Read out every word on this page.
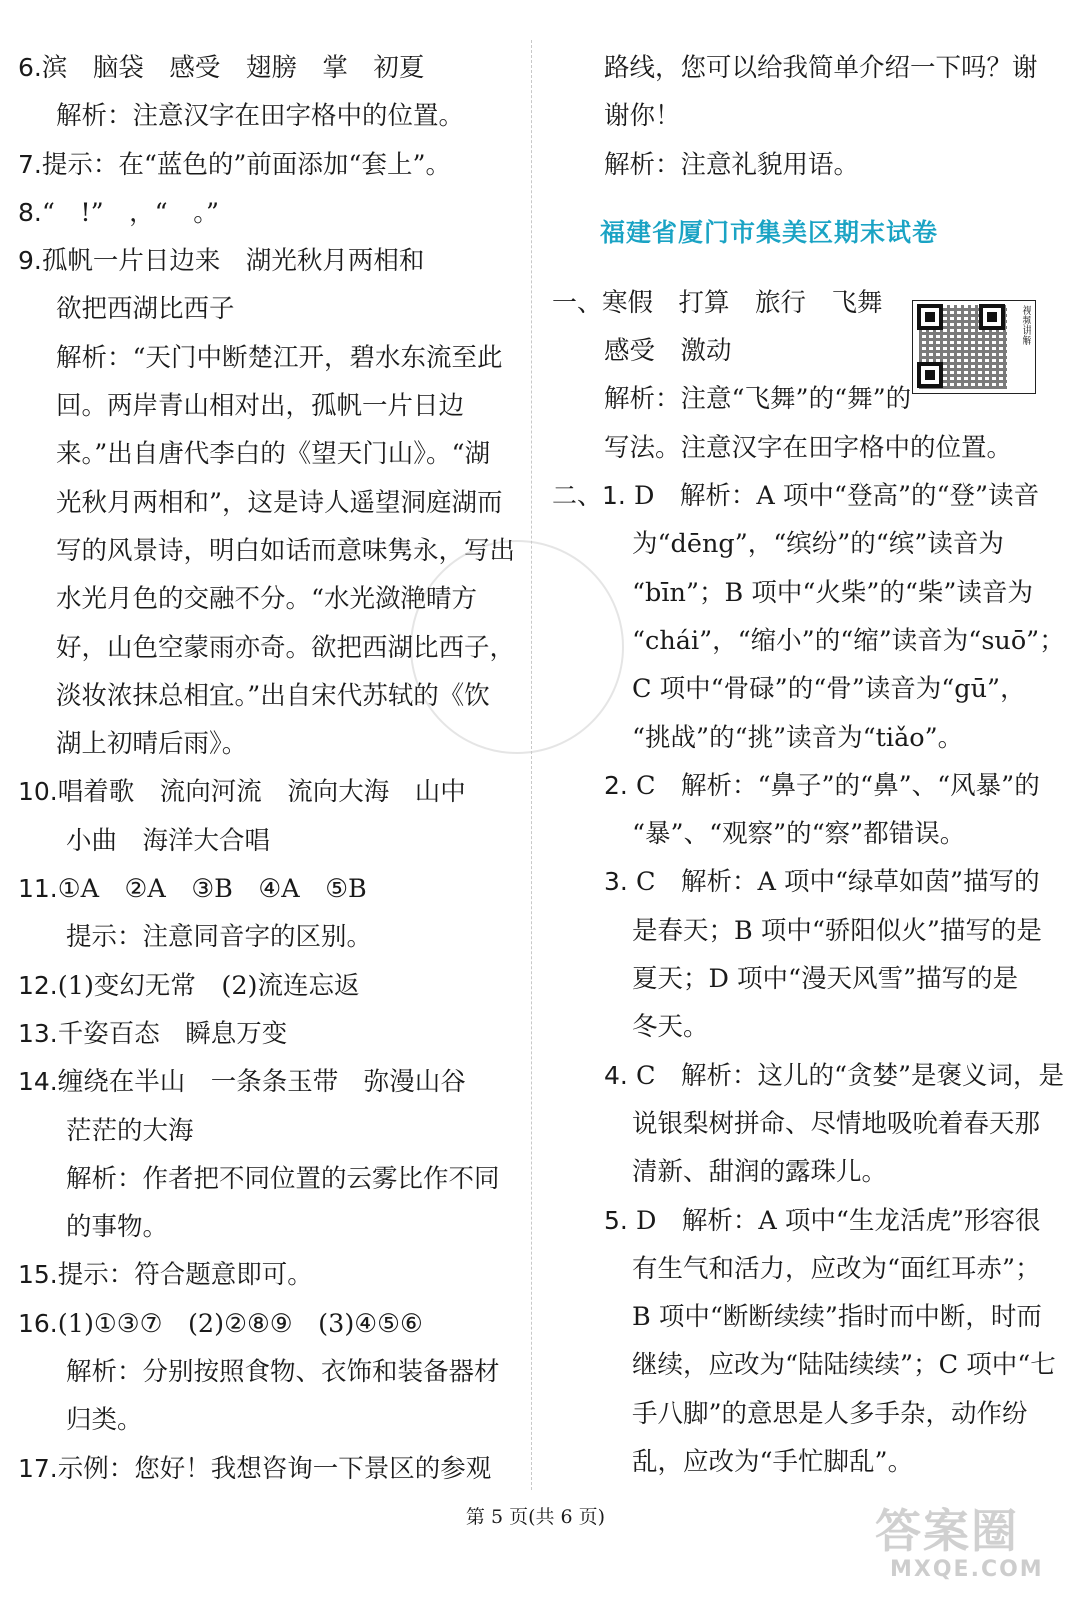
6.滨　脑袋　感受　翅膀　掌　初夏
解析：注意汉字在田字格中的位置。
7.提示：在“蓝色的”前面添加“套上”。
8.“　!”　，“　。”
9.孤帆一片日边来　湖光秋月两相和
欲把西湖比西子
解析：“天门中断楚江开，碧水东流至此
回。两岸青山相对出，孤帆一片日边
来。”出自唐代李白的《望天门山》。“湖
光秋月两相和”，这是诗人遥望洞庭湖而
写的风景诗，明白如话而意味隽永，写出
水光月色的交融不分。“水光潋滟晴方
好，山色空蒙雨亦奇。欲把西湖比西子，
淡妆浓抹总相宜。”出自宋代苏轼的《饮
湖上初晴后雨》。
10.唱着歌　流向河流　流向大海　山中
小曲　海洋大合唱
11.①A　②A　③B　④A　⑤B
提示：注意同音字的区别。
12.(1)变幻无常　(2)流连忘返
13.千姿百态　瞬息万变
14.缠绕在半山　一条条玉带　弥漫山谷
茫茫的大海
解析：作者把不同位置的云雾比作不同
的事物。
15.提示：符合题意即可。
16.(1)①③⑦　(2)②⑧⑨　(3)④⑤⑥
解析：分别按照食物、衣饰和装备器材
归类。
17.示例：您好！我想咨询一下景区的参观
路线，您可以给我简单介绍一下吗？谢
谢你！
解析：注意礼貌用语。
福建省厦门市集美区期末试卷
一、寒假　打算　旅行　飞舞
感受　激动
解析：注意“飞舞”的“舞”的
写法。注意汉字在田字格中的位置。
二、1. D　解析：A 项中“登高”的“登”读音
为“dēng”，“缤纷”的“缤”读音为
“bīn”；B 项中“火柴”的“柴”读音为
“chái”，“缩小”的“缩”读音为“suō”；
C 项中“骨碌”的“骨”读音为“gū”，
“挑战”的“挑”读音为“tiǎo”。
2. C　解析：“鼻子”的“鼻”、“风暴”的
“暴”、“观察”的“察”都错误。
3. C　解析：A 项中“绿草如茵”描写的
是春天；B 项中“骄阳似火”描写的是
夏天；D 项中“漫天风雪”描写的是
冬天。
4. C　解析：这儿的“贪婪”是褒义词，是
说银梨树拼命、尽情地吸吮着春天那
清新、甜润的露珠儿。
5. D　解析：A 项中“生龙活虎”形容很
有生气和活力，应改为“面红耳赤”；
B 项中“断断续续”指时而中断，时而
继续，应改为“陆陆续续”；C 项中“七
手八脚”的意思是人多手杂，动作纷
乱，应改为“手忙脚乱”。
视频讲解
第 5 页(共 6 页)	答案圈
MXQE.COM
